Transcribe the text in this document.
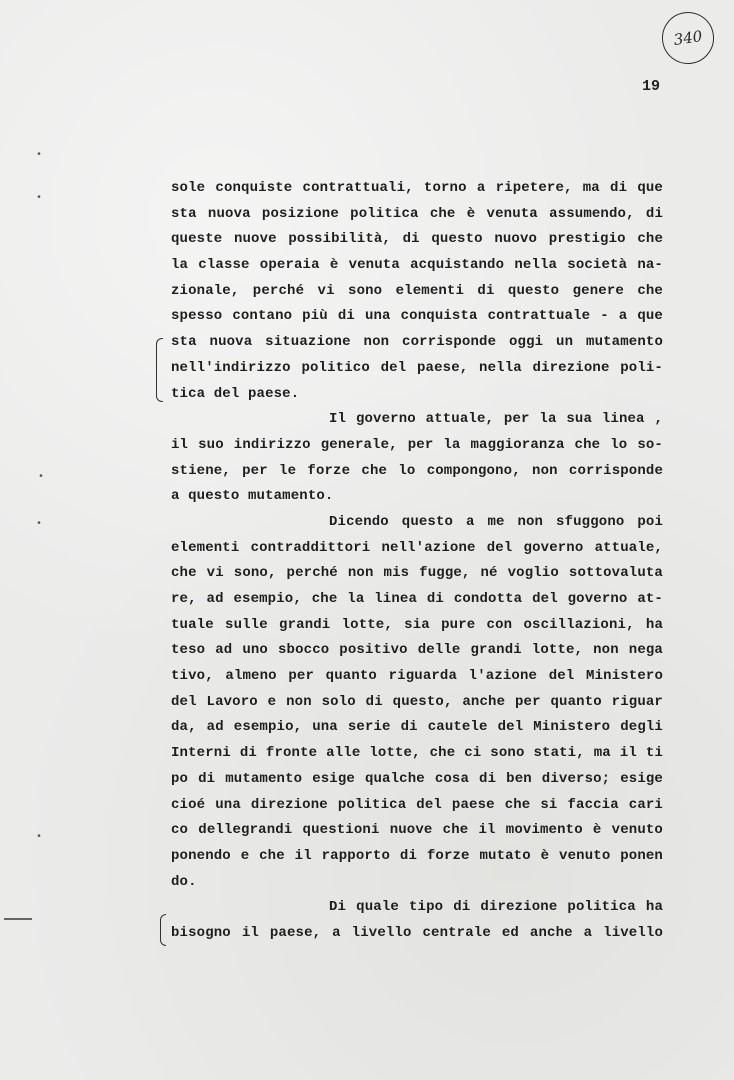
340
19
•
•
•
•
•
sole conquiste contrattuali, torno a ripetere, ma di que
sta nuova posizione politica che è venuta assumendo, di
queste nuove possibilità, di questo nuovo prestigio che
la classe operaia è venuta acquistando nella società na-
zionale, perché vi sono elementi di questo genere che
spesso contano più di una conquista contrattuale - a que
sta nuova situazione non corrisponde oggi un mutamento
nell'indirizzo politico del paese, nella direzione poli-
tica del paese.
Il governo attuale, per la sua linea ,
il suo indirizzo generale, per la maggioranza che lo so-
stiene, per le forze che lo compongono, non corrisponde
a questo mutamento.
Dicendo questo a me non sfuggono poi
elementi contraddittori nell'azione del governo attuale,
che vi sono, perché non mis fugge, né voglio sottovaluta
re, ad esempio, che la linea di condotta del governo at-
tuale sulle grandi lotte, sia pure con oscillazioni, ha
teso ad uno sbocco positivo delle grandi lotte, non nega
tivo, almeno per quanto riguarda l'azione del Ministero
del Lavoro e non solo di questo, anche per quanto riguar
da, ad esempio, una serie di cautele del Ministero degli
Interni di fronte alle lotte, che ci sono stati, ma il ti
po di mutamento esige qualche cosa di ben diverso; esige
cioé una direzione politica del paese che si faccia cari
co dellegrandi questioni nuove che il movimento è venuto
ponendo e che il rapporto di forze mutato è venuto ponen
do.
Di quale tipo di direzione politica ha
bisogno il paese, a livello centrale ed anche a livello
